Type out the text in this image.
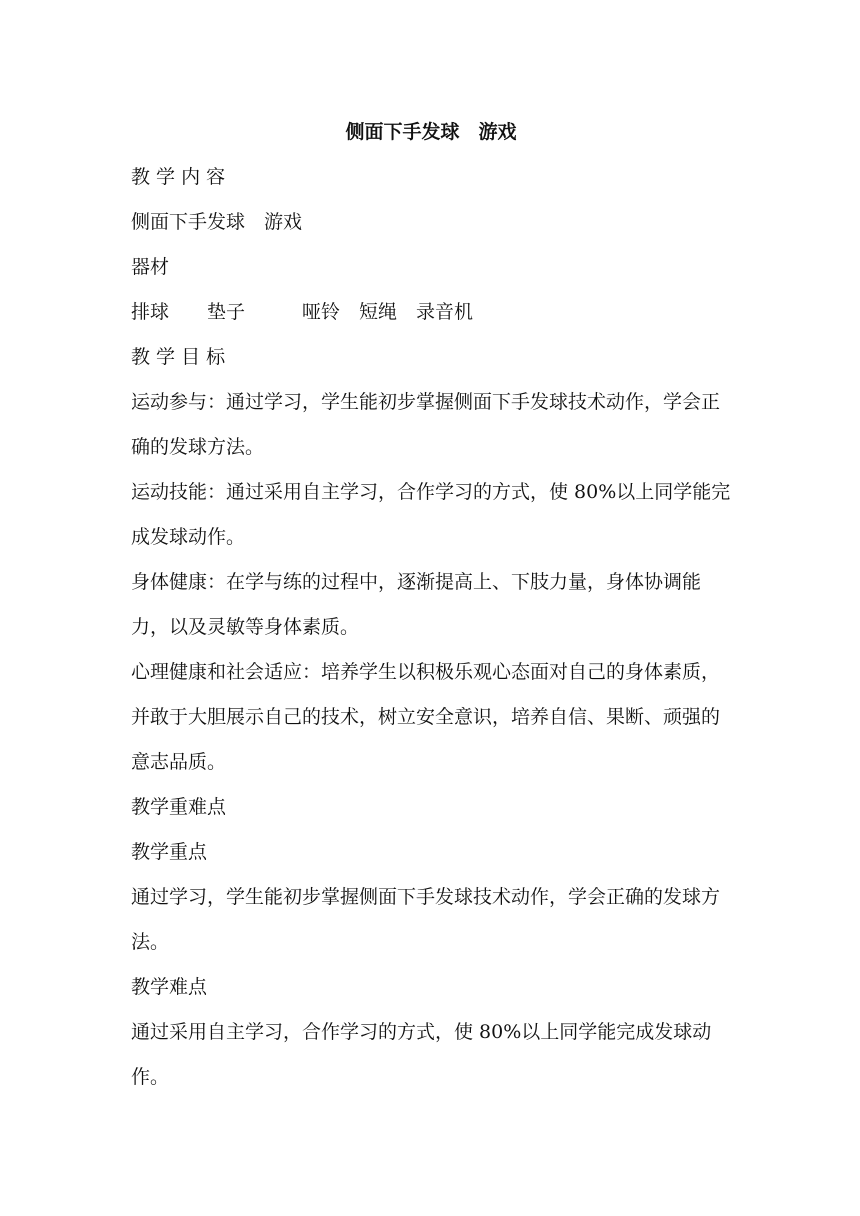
侧面下手发球　游戏

教 学 内 容

侧面下手发球　游戏

器材

排球　　垫子　　　哑铃　短绳　录音机

教 学 目 标

运动参与：通过学习，学生能初步掌握侧面下手发球技术动作，学会正确的发球方法。

运动技能：通过采用自主学习，合作学习的方式，使 80%以上同学能完成发球动作。

身体健康：在学与练的过程中，逐渐提高上、下肢力量，身体协调能力，以及灵敏等身体素质。

心理健康和社会适应：培养学生以积极乐观心态面对自己的身体素质，并敢于大胆展示自己的技术，树立安全意识，培养自信、果断、顽强的意志品质。

教学重难点

教学重点

通过学习，学生能初步掌握侧面下手发球技术动作，学会正确的发球方法。

教学难点

通过采用自主学习，合作学习的方式，使 80%以上同学能完成发球动作。
